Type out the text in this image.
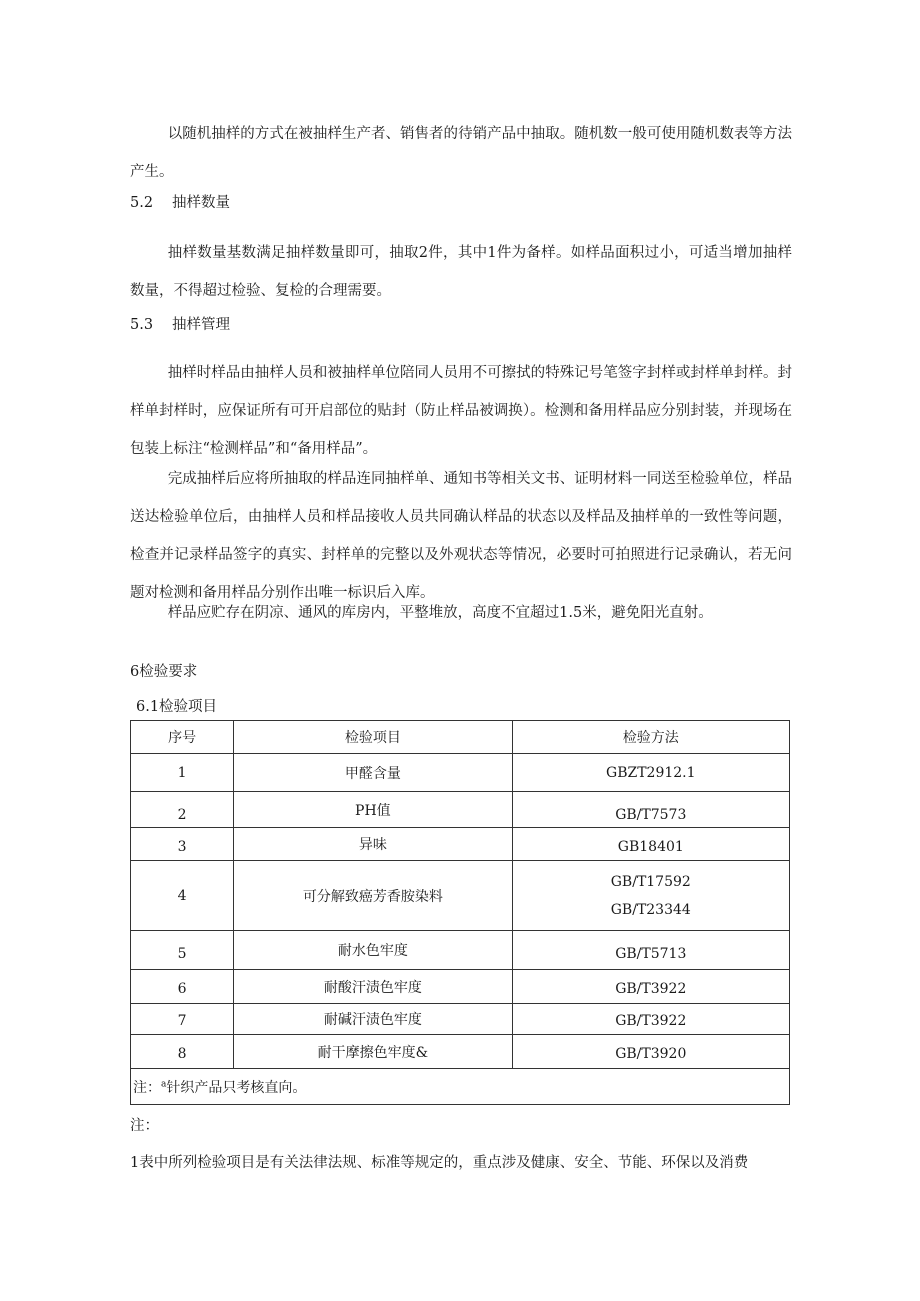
以随机抽样的方式在被抽样生产者、销售者的待销产品中抽取。随机数一般可使用随机数表等方法产生。

5.2 抽样数量

抽样数量基数满足抽样数量即可，抽取2件，其中1件为备样。如样品面积过小，可适当增加抽样数量，不得超过检验、复检的合理需要。

5.3 抽样管理

抽样时样品由抽样人员和被抽样单位陪同人员用不可擦拭的特殊记号笔签字封样或封样单封样。封样单封样时，应保证所有可开启部位的贴封（防止样品被调换）。检测和备用样品应分别封装，并现场在包装上标注“检测样品”和“备用样品”。

完成抽样后应将所抽取的样品连同抽样单、通知书等相关文书、证明材料一同送至检验单位，样品送达检验单位后，由抽样人员和样品接收人员共同确认样品的状态以及样品及抽样单的一致性等问题，检查并记录样品签字的真实、封样单的完整以及外观状态等情况，必要时可拍照进行记录确认，若无问题对检测和备用样品分别作出唯一标识后入库。

样品应贮存在阴凉、通风的库房内，平整堆放，高度不宜超过1.5米，避免阳光直射。

6检验要求

6.1检验项目

序号	检验项目	检验方法
1	甲醛含量	GBZT2912.1
2	PH值	GB/T7573
3	异味	GB18401
4	可分解致癌芳香胺染料	GB/T17592
GB/T23344

5	耐水色牢度	GB/T5713
6	耐酸汗渍色牢度	GB/T3922
7	耐碱汗渍色牢度	GB/T3922
8	耐干摩擦色牢度&	GB/T3920
注：$^a$针织产品只考核直向。		

注：

1表中所列检验项目是有关法律法规、标准等规定的，重点涉及健康、安全、节能、环保以及消费
